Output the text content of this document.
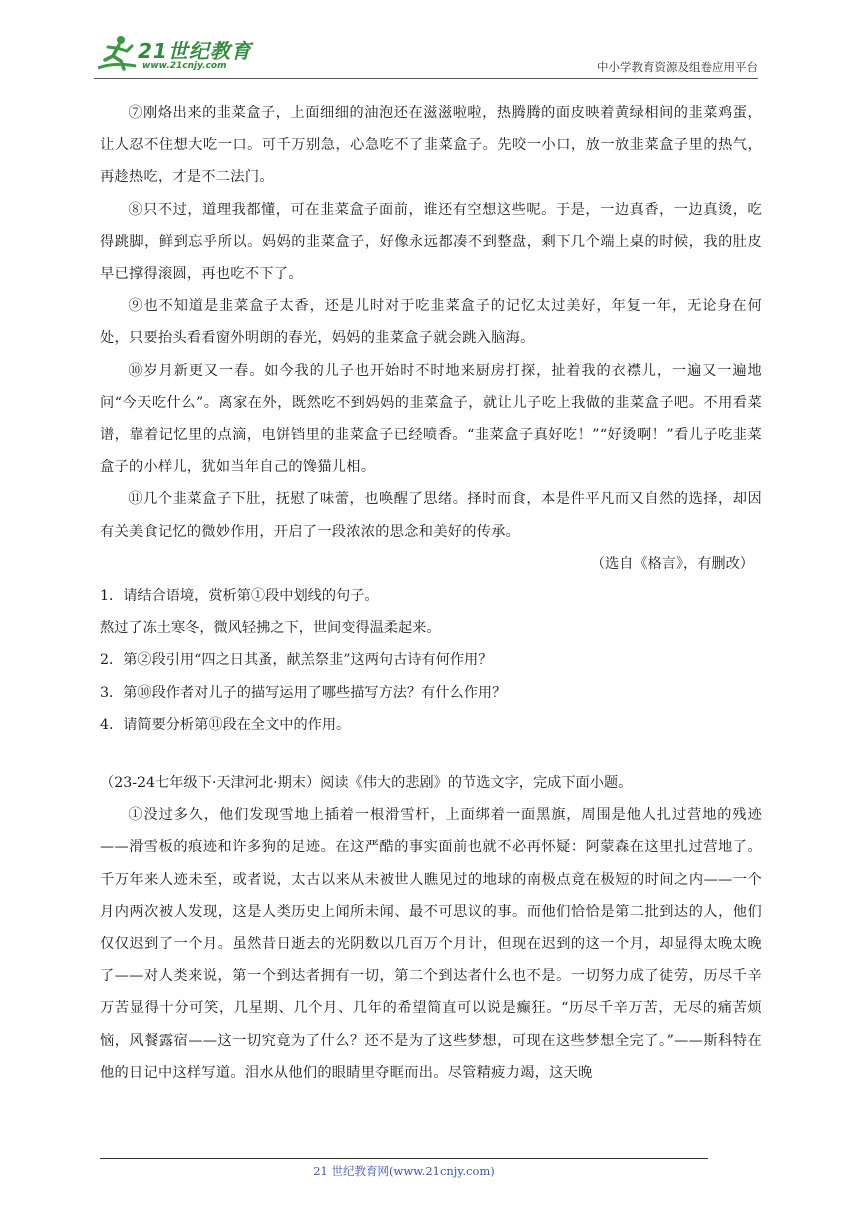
21世纪教育
www.21cnjy.com	中小学教育资源及组卷应用平台

⑦刚烙出来的韭菜盒子，上面细细的油泡还在滋滋啦啦，热腾腾的面皮映着黄绿相间的韭菜鸡蛋，让人忍不住想大吃一口。可千万别急，心急吃不了韭菜盒子。先咬一小口，放一放韭菜盒子里的热气，再趁热吃，才是不二法门。

⑧只不过，道理我都懂，可在韭菜盒子面前，谁还有空想这些呢。于是，一边真香，一边真烫，吃得跳脚，鲜到忘乎所以。妈妈的韭菜盒子，好像永远都凑不到整盘，剩下几个端上桌的时候，我的肚皮早已撑得滚圆，再也吃不下了。

⑨也不知道是韭菜盒子太香，还是儿时对于吃韭菜盒子的记忆太过美好，年复一年，无论身在何处，只要抬头看看窗外明朗的春光，妈妈的韭菜盒子就会跳入脑海。

⑩岁月新更又一春。如今我的儿子也开始时不时地来厨房打探，扯着我的衣襟儿，一遍又一遍地问“今天吃什么”。离家在外，既然吃不到妈妈的韭菜盒子，就让儿子吃上我做的韭菜盒子吧。不用看菜谱，靠着记忆里的点滴，电饼铛里的韭菜盒子已经喷香。“韭菜盒子真好吃！”“好烫啊！”看儿子吃韭菜盒子的小样儿，犹如当年自己的馋猫儿相。

⑪几个韭菜盒子下肚，抚慰了味蕾，也唤醒了思绪。择时而食，本是件平凡而又自然的选择，却因有关美食记忆的微妙作用，开启了一段浓浓的思念和美好的传承。

（选自《格言》，有删改）

1．请结合语境，赏析第①段中划线的句子。

熬过了冻土寒冬，微风轻拂之下，世间变得温柔起来。

2．第②段引用“四之日其蚤，献羔祭韭”这两句古诗有何作用？

3．第⑩段作者对儿子的描写运用了哪些描写方法？有什么作用？

4．请简要分析第⑪段在全文中的作用。

（23-24七年级下·天津河北·期末）阅读《伟大的悲剧》的节选文字，完成下面小题。

①没过多久，他们发现雪地上插着一根滑雪杆，上面绑着一面黑旗，周围是他人扎过营地的残迹——滑雪板的痕迹和许多狗的足迹。在这严酷的事实面前也就不必再怀疑：阿蒙森在这里扎过营地了。千万年来人迹未至，或者说，太古以来从未被世人瞧见过的地球的南极点竟在极短的时间之内——一个月内两次被人发现，这是人类历史上闻所未闻、最不可思议的事。而他们恰恰是第二批到达的人，他们仅仅迟到了一个月。虽然昔日逝去的光阴数以几百万个月计，但现在迟到的这一个月，却显得太晚太晚了——对人类来说，第一个到达者拥有一切，第二个到达者什么也不是。一切努力成了徒劳，历尽千辛万苦显得十分可笑，几星期、几个月、几年的希望简直可以说是癫狂。“历尽千辛万苦，无尽的痛苦烦恼，风餐露宿——这一切究竟为了什么？还不是为了这些梦想，可现在这些梦想全完了。”——斯科特在他的日记中这样写道。泪水从他们的眼睛里夺眶而出。尽管精疲力竭，这天晚

21 世纪教育网(www.21cnjy.com)
